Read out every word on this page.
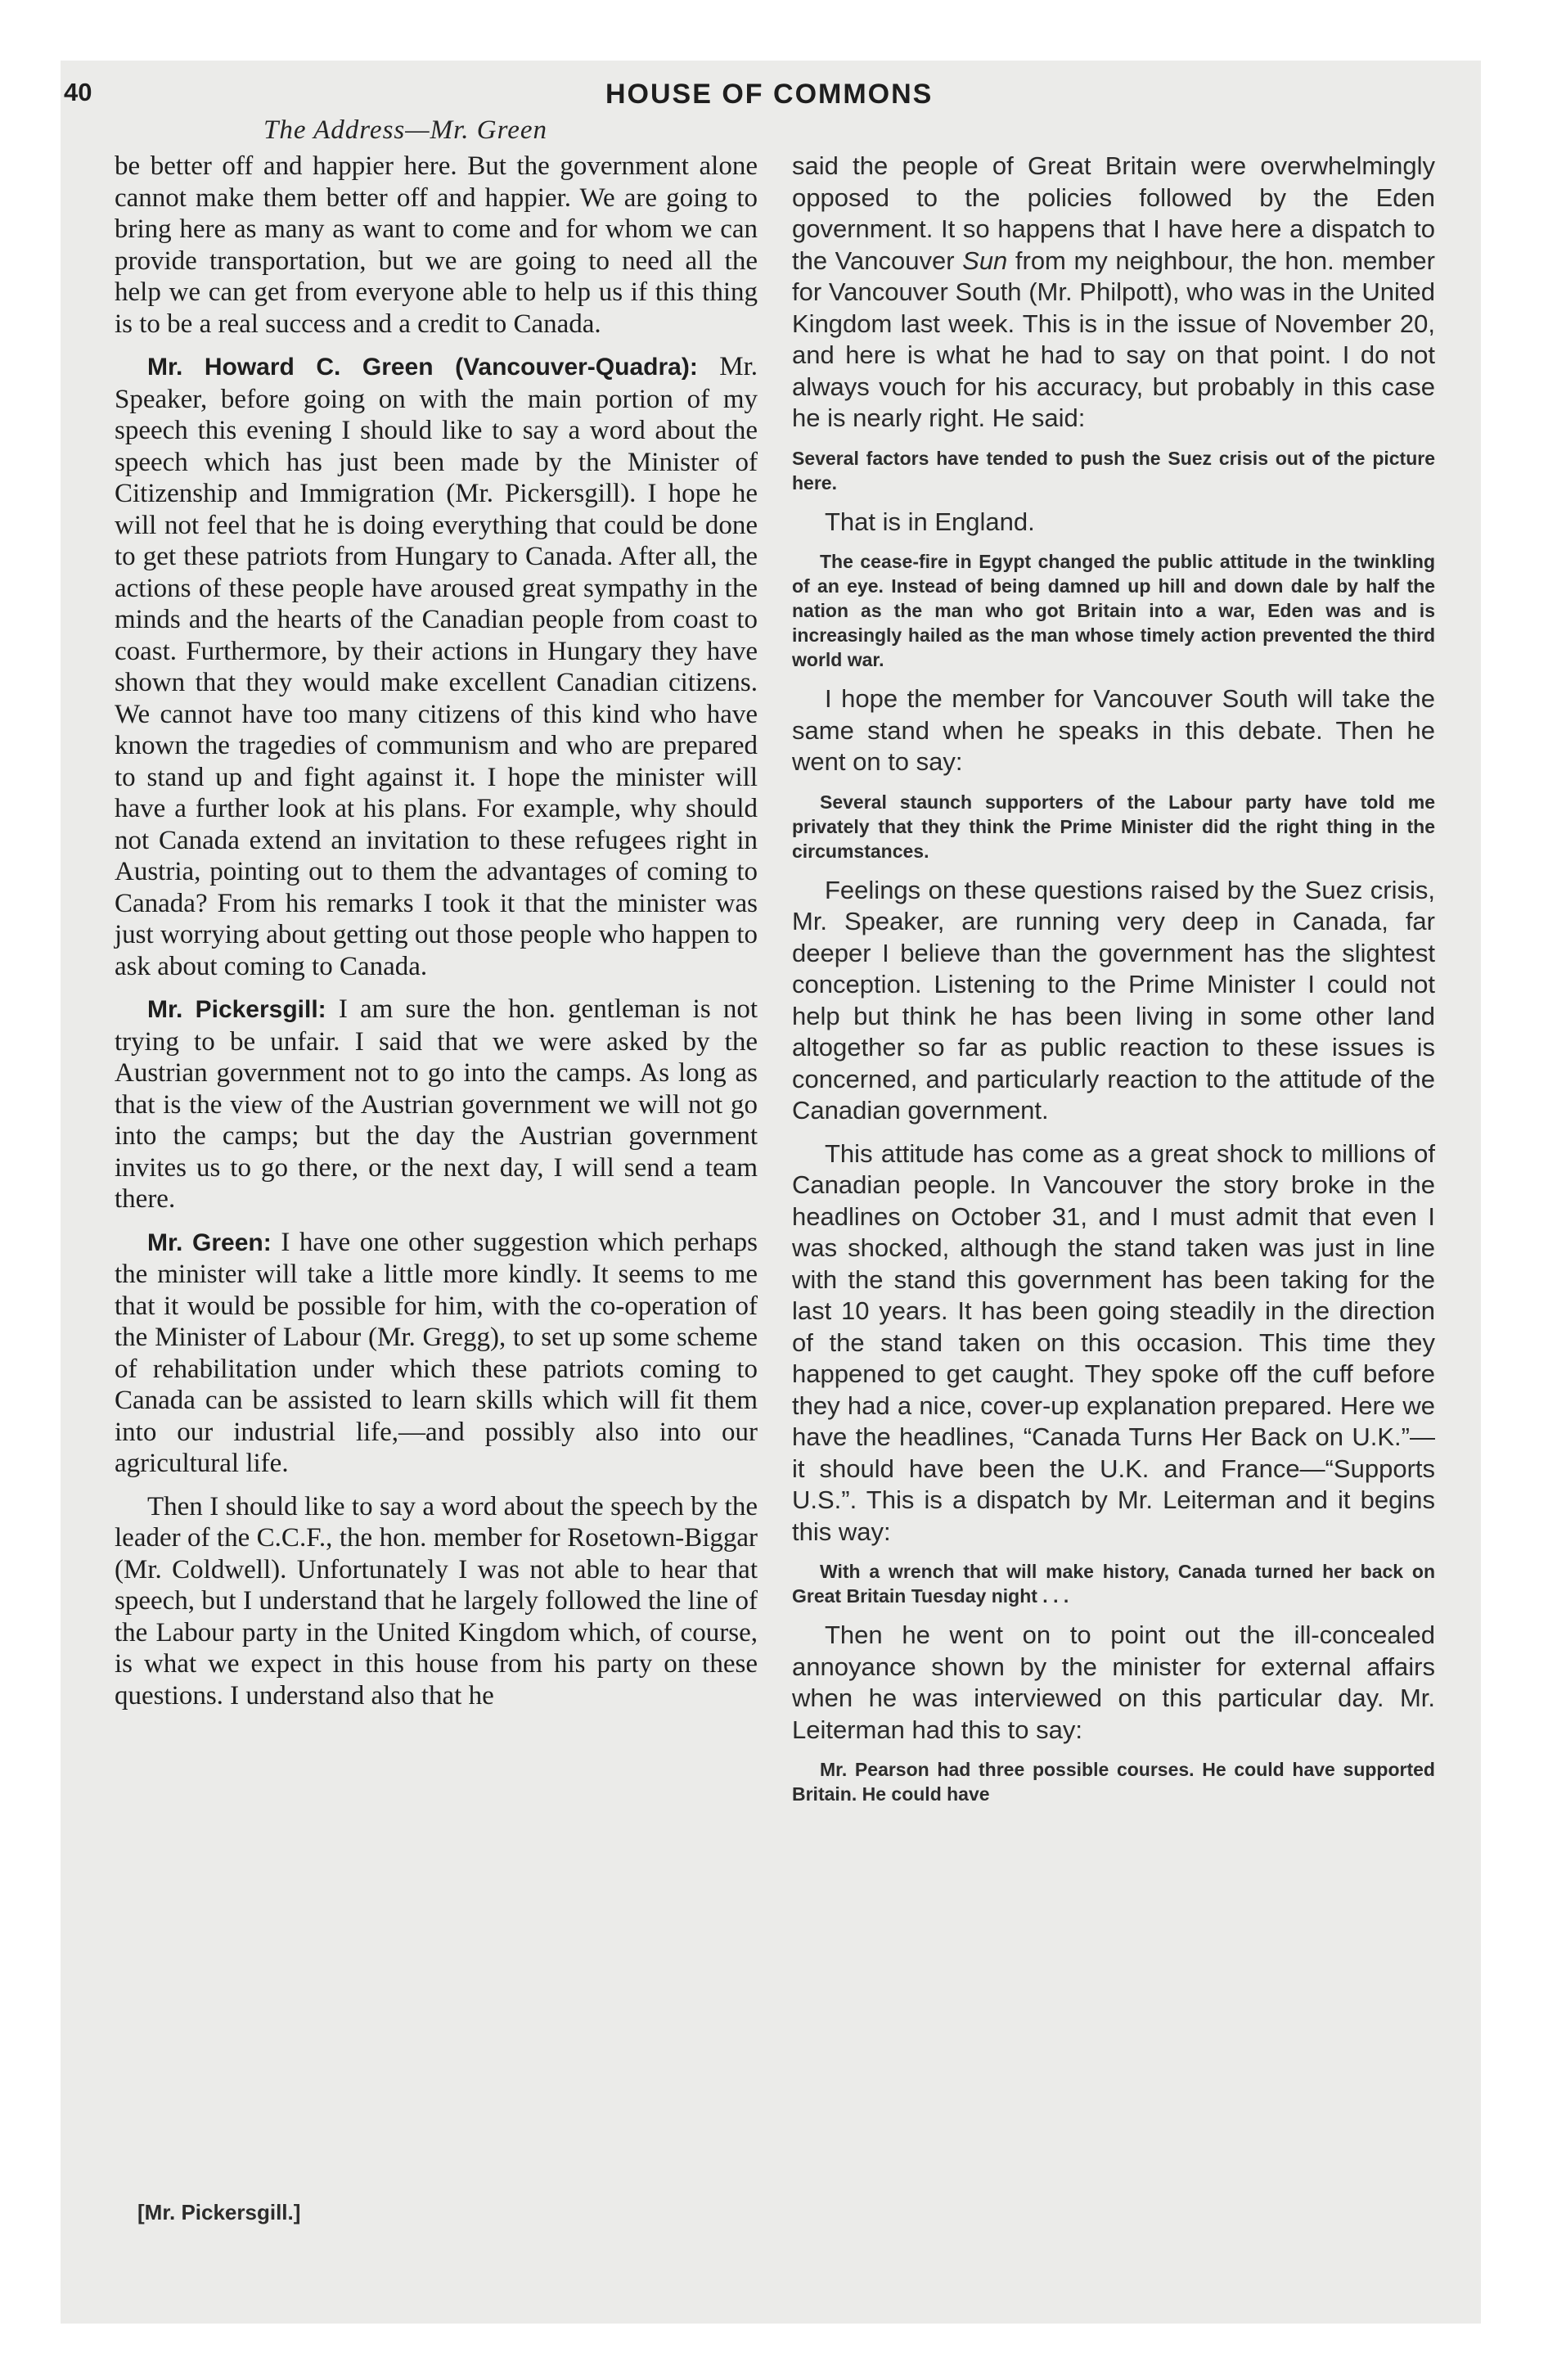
40	HOUSE OF COMMONS
The Address—Mr. Green

be better off and happier here. But the government alone cannot make them better off and happier. We are going to bring here as many as want to come and for whom we can provide transportation, but we are going to need all the help we can get from everyone able to help us if this thing is to be a real success and a credit to Canada.

Mr. Howard C. Green (Vancouver-Quadra): Mr. Speaker, before going on with the main portion of my speech this evening I should like to say a word about the speech which has just been made by the Minister of Citizenship and Immigration (Mr. Pickersgill). I hope he will not feel that he is doing everything that could be done to get these patriots from Hungary to Canada. After all, the actions of these people have aroused great sympathy in the minds and the hearts of the Canadian people from coast to coast. Furthermore, by their actions in Hungary they have shown that they would make excellent Canadian citizens. We cannot have too many citizens of this kind who have known the tragedies of communism and who are prepared to stand up and fight against it. I hope the minister will have a further look at his plans. For example, why should not Canada extend an invitation to these refugees right in Austria, pointing out to them the advantages of coming to Canada? From his remarks I took it that the minister was just worrying about getting out those people who happen to ask about coming to Canada.

Mr. Pickersgill: I am sure the hon. gentleman is not trying to be unfair. I said that we were asked by the Austrian government not to go into the camps. As long as that is the view of the Austrian government we will not go into the camps; but the day the Austrian government invites us to go there, or the next day, I will send a team there.

Mr. Green: I have one other suggestion which perhaps the minister will take a little more kindly. It seems to me that it would be possible for him, with the co-operation of the Minister of Labour (Mr. Gregg), to set up some scheme of rehabilitation under which these patriots coming to Canada can be assisted to learn skills which will fit them into our industrial life,—and possibly also into our agricultural life.

Then I should like to say a word about the speech by the leader of the C.C.F., the hon. member for Rosetown-Biggar (Mr. Coldwell). Unfortunately I was not able to hear that speech, but I understand that he largely followed the line of the Labour party in the United Kingdom which, of course, is what we expect in this house from his party on these questions. I understand also that he

[Mr. Pickersgill.]

said the people of Great Britain were overwhelmingly opposed to the policies followed by the Eden government. It so happens that I have here a dispatch to the Vancouver Sun from my neighbour, the hon. member for Vancouver South (Mr. Philpott), who was in the United Kingdom last week. This is in the issue of November 20, and here is what he had to say on that point. I do not always vouch for his accuracy, but probably in this case he is nearly right. He said:

Several factors have tended to push the Suez crisis out of the picture here.

That is in England.

The cease-fire in Egypt changed the public attitude in the twinkling of an eye. Instead of being damned up hill and down dale by half the nation as the man who got Britain into a war, Eden was and is increasingly hailed as the man whose timely action prevented the third world war.

I hope the member for Vancouver South will take the same stand when he speaks in this debate. Then he went on to say:

Several staunch supporters of the Labour party have told me privately that they think the Prime Minister did the right thing in the circumstances.

Feelings on these questions raised by the Suez crisis, Mr. Speaker, are running very deep in Canada, far deeper I believe than the government has the slightest conception. Listening to the Prime Minister I could not help but think he has been living in some other land altogether so far as public reaction to these issues is concerned, and particularly reaction to the attitude of the Canadian government.

This attitude has come as a great shock to millions of Canadian people. In Vancouver the story broke in the headlines on October 31, and I must admit that even I was shocked, although the stand taken was just in line with the stand this government has been taking for the last 10 years. It has been going steadily in the direction of the stand taken on this occasion. This time they happened to get caught. They spoke off the cuff before they had a nice, cover-up explanation prepared. Here we have the headlines, “Canada Turns Her Back on U.K.”—it should have been the U.K. and France—“Supports U.S.”. This is a dispatch by Mr. Leiterman and it begins this way:

With a wrench that will make history, Canada turned her back on Great Britain Tuesday night . . .

Then he went on to point out the ill-concealed annoyance shown by the minister for external affairs when he was interviewed on this particular day. Mr. Leiterman had this to say:

Mr. Pearson had three possible courses. He could have supported Britain. He could have
